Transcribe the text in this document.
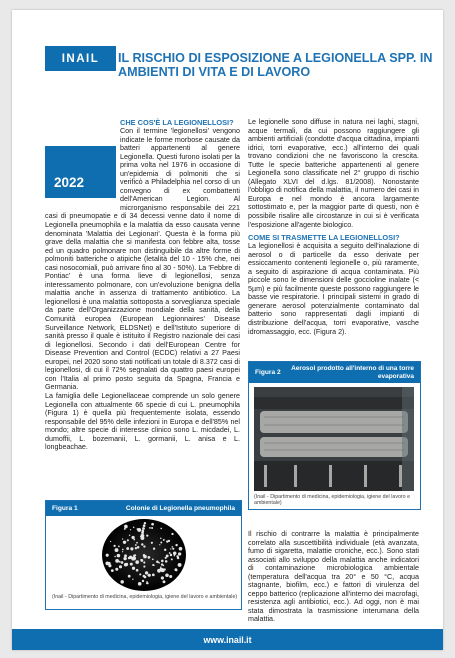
INAIL	IL RISCHIO DI ESPOSIZIONE A LEGIONELLA SPP. IN AMBIENTI DI VITA E DI LAVORO
2022
CHE COS'È LA LEGIONELLOSI?

Con il termine 'legionellosi' vengono indicate le forme morbose causate da batteri appartenenti al genere Legionella. Questi furono isolati per la prima volta nel 1976 in occasione di un'epidemia di polmoniti che si verificò a Philadelphia nel corso di un convegno di ex combattenti dell'American Legion. Al microrganismo responsabile dei 221 casi di pneumopatie e di 34 decessi venne dato il nome di Legionella pneumophila e la malattia da esso causata venne denominata 'Malattia dei Legionari'. Questa è la forma più grave della malattia che si manifesta con febbre alta, tosse ed un quadro polmonare non distinguibile da altre forme di polmoniti batteriche o atipiche (letalità del 10 - 15% che, nei casi nosocomiali, può arrivare fino al 30 - 50%). La 'Febbre di Pontiac' è una forma lieve di legionellosi, senza interessamento polmonare, con un'evoluzione benigna della malattia anche in assenza di trattamento antibiotico. La legionellosi è una malattia sottoposta a sorveglianza speciale da parte dell'Organizzazione mondiale della sanità, della Comunità europea (European Legionnaires' Disease Surveillance Network, ELDSNet) e dell'Istituto superiore di sanità presso il quale è istituito il Registro nazionale dei casi di legionellosi. Secondo i dati dell'European Centre for Disease Prevention and Control (ECDC) relativi a 27 Paesi europei, nel 2020 sono stati notificati un totale di 8.372 casi di legionellosi, di cui il 72% segnalati da quattro paesi europei con l'Italia al primo posto seguita da Spagna, Francia e Germania.

La famiglia delle Legionellaceae comprende un solo genere Legionella con attualmente 66 specie di cui L. pneumophila (Figura 1) è quella più frequentemente isolata, essendo responsabile del 95% delle infezioni in Europa e dell'85% nel mondo; altre specie di interesse clinico sono L. micdadei, L. dumoffii, L. bozemanii, L. gormanii, L. anisa e L. longbeachae.

Figura 1	Colonie di Legionella pneumophila
(Inail - Dipartimento di medicina, epidemiologia, igiene del lavoro e ambientale)

Le legionelle sono diffuse in natura nei laghi, stagni, acque termali, da cui possono raggiungere gli ambienti artificiali (condotte d'acqua cittadina, impianti idrici, torri evaporative, ecc.) all'interno dei quali trovano condizioni che ne favoriscono la crescita. Tutte le specie batteriche appartenenti al genere Legionella sono classificate nel 2° gruppo di rischio (Allegato XLVI del d.lgs. 81/2008). Nonostante l'obbligo di notifica della malattia, il numero dei casi in Europa e nel mondo è ancora largamente sottostimato e, per la maggior parte di questi, non è possibile risalire alle circostanze in cui si è verificata l'esposizione all'agente biologico.

COME SI TRASMETTE LA LEGIONELLOSI?

La legionellosi è acquisita a seguito dell'inalazione di aerosol o di particelle da esso derivate per essiccamento contenenti legionelle o, più raramente, a seguito di aspirazione di acqua contaminata. Più piccole sono le dimensioni delle goccioline inalate (< 5µm) e più facilmente queste possono raggiungere le basse vie respiratorie. I principali sistemi in grado di generare aerosol potenzialmente contaminato dal batterio sono rappresentati dagli impianti di distribuzione dell'acqua, torri evaporative, vasche idromassaggio, ecc. (Figura 2).

Figura 2
Aerosol prodotto all'interno di una torre evaporativa
(Inail - Dipartimento di medicina, epidemiologia, igiene del lavoro e ambientale)

Il rischio di contrarre la malattia è principalmente correlato alla suscettibilità individuale (età avanzata, fumo di sigaretta, malattie croniche, ecc.). Sono stati associati allo sviluppo della malattia anche indicatori di contaminazione microbiologica ambientale (temperatura dell'acqua tra 20° e 50 °C, acqua stagnante, biofilm, ecc.) e fattori di virulenza del ceppo batterico (replicazione all'interno dei macrofagi, resistenza agli antibiotici, ecc.). Ad oggi, non è mai stata dimostrata la trasmissione interumana della malattia.

www.inail.it
